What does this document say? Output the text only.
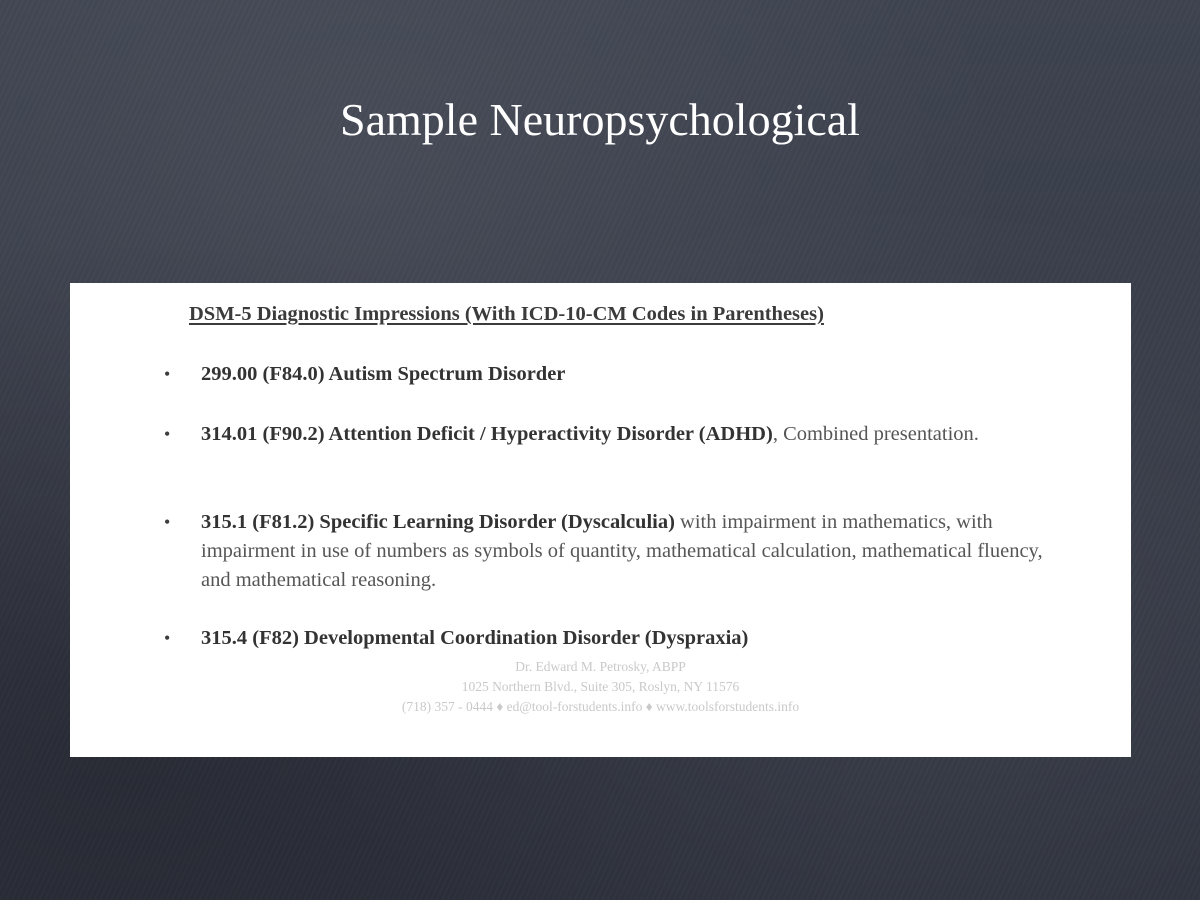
Sample Neuropsychological
DSM-5 Diagnostic Impressions (With ICD-10-CM Codes in Parentheses)
• 299.00 (F84.0) Autism Spectrum Disorder
• 314.01 (F90.2) Attention Deficit / Hyperactivity Disorder (ADHD), Combined presentation.
• 315.1 (F81.2) Specific Learning Disorder (Dyscalculia) with impairment in mathematics, with impairment in use of numbers as symbols of quantity, mathematical calculation, mathematical fluency, and mathematical reasoning.
• 315.4 (F82) Developmental Coordination Disorder (Dyspraxia)
Dr. Edward M. Petrosky, ABPP
1025 Northern Blvd., Suite 305, Roslyn, NY 11576
(718) 357 - 0444 ♦ ed@tool-forstudents.info ♦ www.toolsforstudents.info
